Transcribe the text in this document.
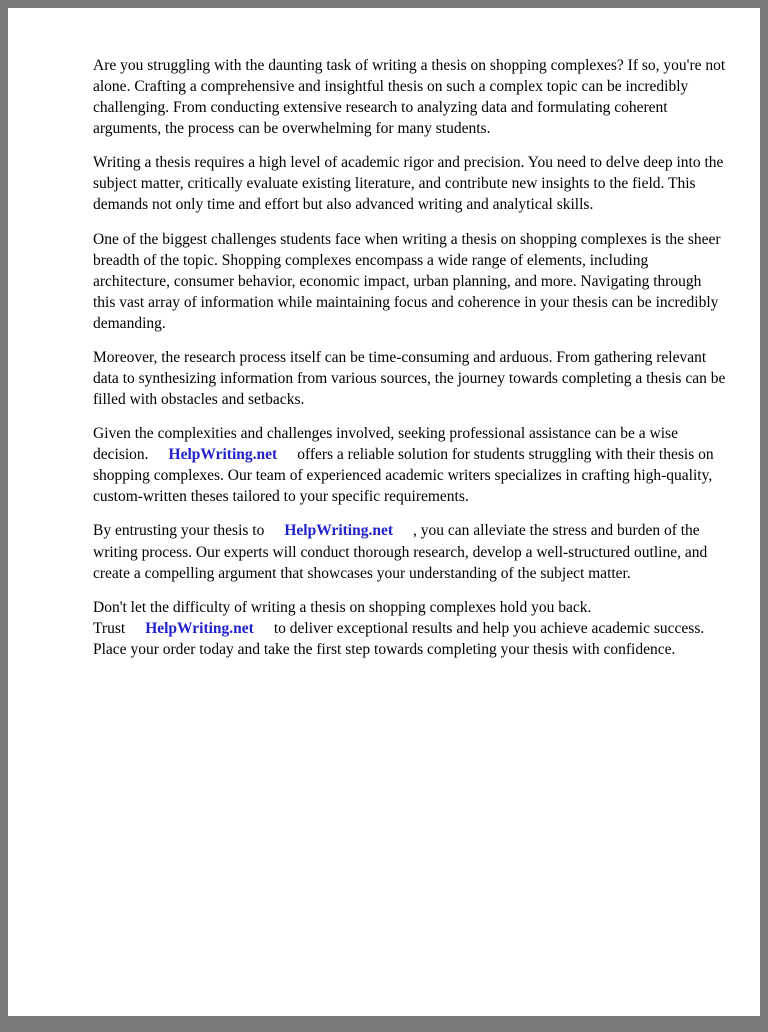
Are you struggling with the daunting task of writing a thesis on shopping complexes? If so, you're not alone. Crafting a comprehensive and insightful thesis on such a complex topic can be incredibly challenging. From conducting extensive research to analyzing data and formulating coherent arguments, the process can be overwhelming for many students.

Writing a thesis requires a high level of academic rigor and precision. You need to delve deep into the subject matter, critically evaluate existing literature, and contribute new insights to the field. This demands not only time and effort but also advanced writing and analytical skills.

One of the biggest challenges students face when writing a thesis on shopping complexes is the sheer breadth of the topic. Shopping complexes encompass a wide range of elements, including architecture, consumer behavior, economic impact, urban planning, and more. Navigating through this vast array of information while maintaining focus and coherence in your thesis can be incredibly demanding.

Moreover, the research process itself can be time-consuming and arduous. From gathering relevant data to synthesizing information from various sources, the journey towards completing a thesis can be filled with obstacles and setbacks.

Given the complexities and challenges involved, seeking professional assistance can be a wise decision. HelpWriting.net offers a reliable solution for students struggling with their thesis on shopping complexes. Our team of experienced academic writers specializes in crafting high-quality, custom-written theses tailored to your specific requirements.

By entrusting your thesis to HelpWriting.net , you can alleviate the stress and burden of the writing process. Our experts will conduct thorough research, develop a well-structured outline, and create a compelling argument that showcases your understanding of the subject matter.

Don't let the difficulty of writing a thesis on shopping complexes hold you back. Trust HelpWriting.net to deliver exceptional results and help you achieve academic success. Place your order today and take the first step towards completing your thesis with confidence.
